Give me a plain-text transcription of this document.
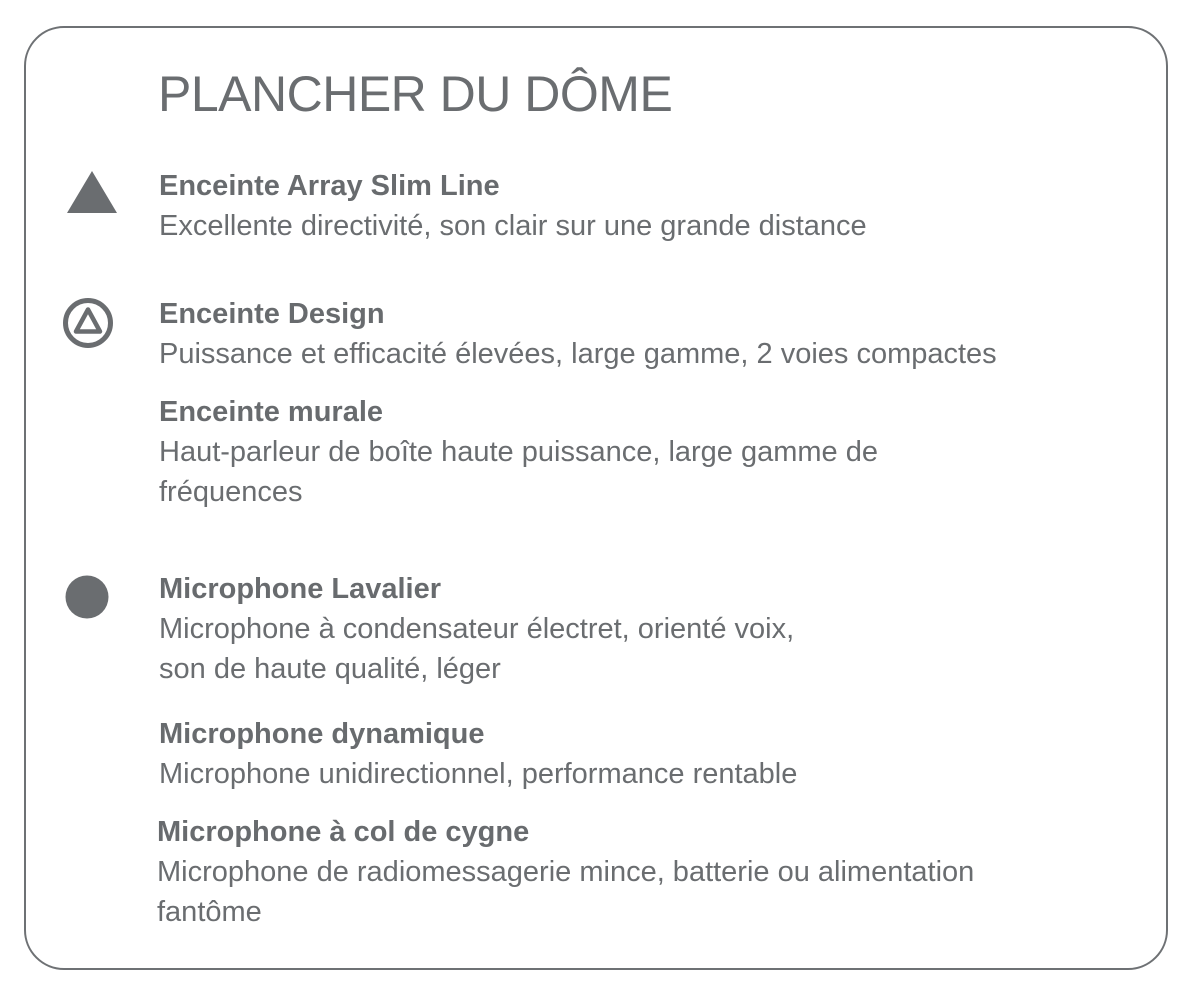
PLANCHER DU DÔME
Enceinte Array Slim Line
Excellente directivité, son clair sur une grande distance
Enceinte Design
Puissance et efficacité élevées, large gamme, 2 voies compactes
Enceinte murale
Haut-parleur de boîte haute puissance, large gamme de
fréquences
Microphone Lavalier
Microphone à condensateur électret, orienté voix,
son de haute qualité, léger
Microphone dynamique
Microphone unidirectionnel, performance rentable
Microphone à col de cygne
Microphone de radiomessagerie mince, batterie ou alimentation
fantôme
